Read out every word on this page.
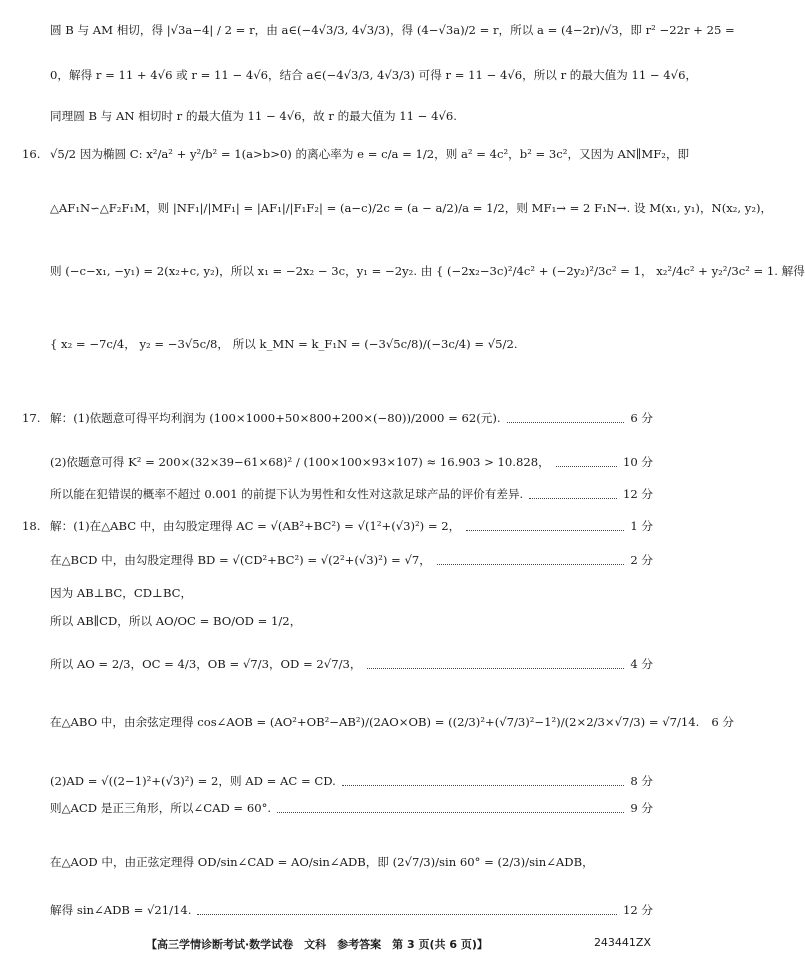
圆 B 与 AM 相切，得 |√3a−4| / 2 = r，由 a∈(−4√3/3, 4√3/3)，得 (4−√3a)/2 = r，所以 a = (4−2r)/√3，即 r² −22r + 25 =
0，解得 r = 11 + 4√6 或 r = 11 − 4√6，结合 a∈(−4√3/3, 4√3/3) 可得 r = 11 − 4√6，所以 r 的最大值为 11 − 4√6，
同理圆 B 与 AN 相切时 r 的最大值为 11 − 4√6，故 r 的最大值为 11 − 4√6.
16. √5/2 因为椭圆 C: x²/a² + y²/b² = 1(a>b>0) 的离心率为 e = c/a = 1/2，则 a² = 4c²，b² = 3c²，又因为 AN∥MF₂，即
△AF₁N∽△F₂F₁M，则 |NF₁|/|MF₁| = |AF₁|/|F₁F₂| = (a−c)/2c = (a − a/2)/a = 1/2，则 MF₁→ = 2 F₁N→. 设 M(x₁, y₁)，N(x₂, y₂)，
则 (−c−x₁, −y₁) = 2(x₂+c, y₂)，所以 x₁ = −2x₂ − 3c，y₁ = −2y₂. 由 { (−2x₂−3c)²/4c² + (−2y₂)²/3c² = 1， x₂²/4c² + y₂²/3c² = 1. 解得
{ x₂ = −7c/4， y₂ = −3√5c/8， 所以 k_MN = k_F₁N = (−3√5c/8)/(−3c/4) = √5/2.
17. 解：(1)依题意可得平均利润为 (100×1000+50×800+200×(−80))/2000 = 62(元).	6 分
(2)依题意可得 K² = 200×(32×39−61×68)² / (100×100×93×107) ≈ 16.903 > 10.828，	10 分
所以能在犯错误的概率不超过 0.001 的前提下认为男性和女性对这款足球产品的评价有差异.	12 分
18. 解：(1)在△ABC 中，由勾股定理得 AC = √(AB²+BC²) = √(1²+(√3)²) = 2，	1 分
在△BCD 中，由勾股定理得 BD = √(CD²+BC²) = √(2²+(√3)²) = √7，	2 分
因为 AB⊥BC，CD⊥BC，
所以 AB∥CD，所以 AO/OC = BO/OD = 1/2，
所以 AO = 2/3，OC = 4/3，OB = √7/3，OD = 2√7/3，	4 分
在△ABO 中，由余弦定理得 cos∠AOB = (AO²+OB²−AB²)/(2AO×OB) = ((2/3)²+(√7/3)²−1²)/(2×2/3×√7/3) = √7/14. 6 分
(2)AD = √((2−1)²+(√3)²) = 2，则 AD = AC = CD.	8 分
则△ACD 是正三角形，所以∠CAD = 60°.	9 分
在△AOD 中，由正弦定理得 OD/sin∠CAD = AO/sin∠ADB，即 (2√7/3)/sin 60° = (2/3)/sin∠ADB，
解得 sin∠ADB = √21/14.	12 分
【高三学情诊断考试·数学试卷　文科　参考答案　第 3 页(共 6 页)】	243441ZX
